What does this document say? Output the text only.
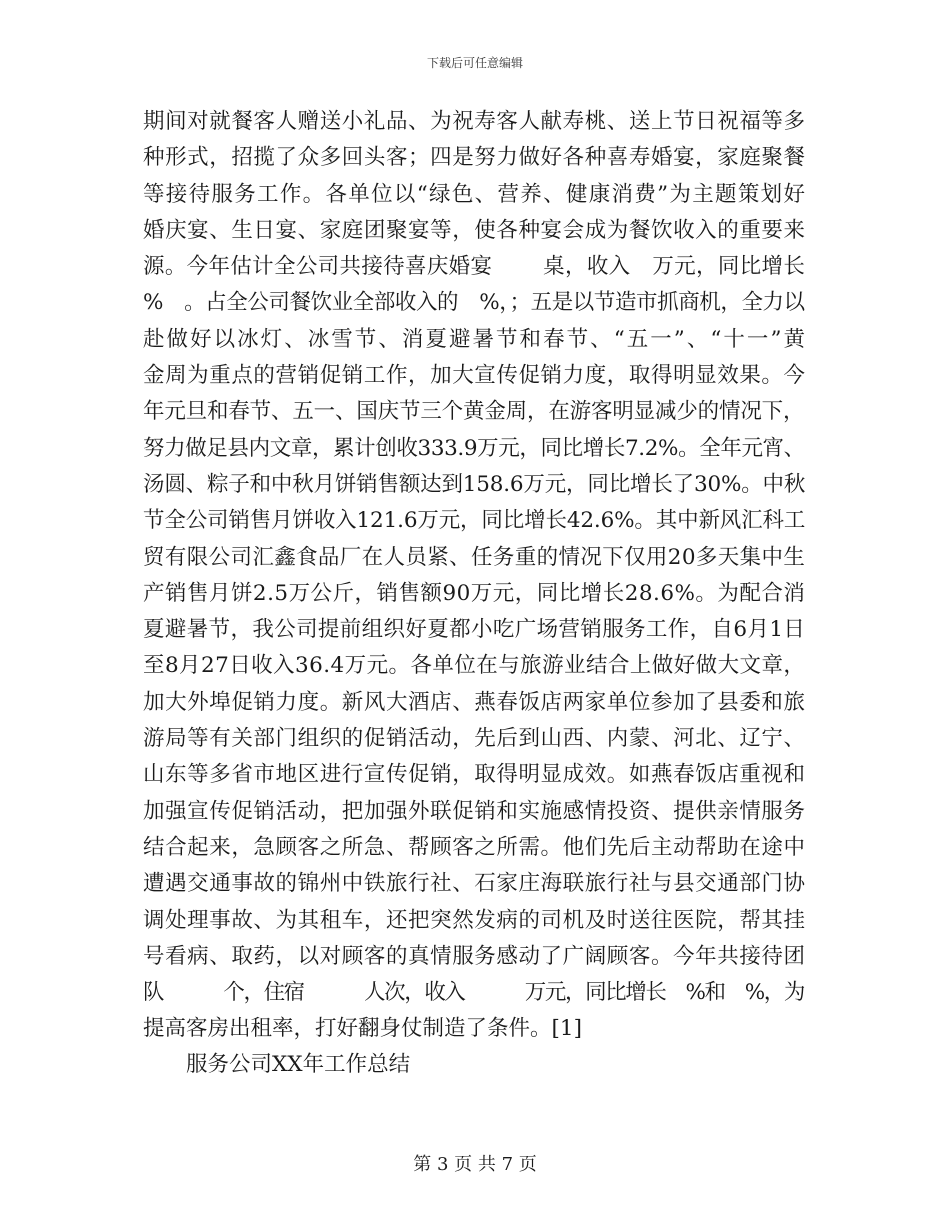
下载后可任意编辑
期间对就餐客人赠送小礼品、为祝寿客人献寿桃、送上节日祝福等多
种形式，招揽了众多回头客；四是努力做好各种喜寿婚宴，家庭聚餐
等接待服务工作。各单位以“绿色、营养、健康消费”为主题策划好
婚庆宴、生日宴、家庭团聚宴等，使各种宴会成为餐饮收入的重要来
源。今年估计全公司共接待喜庆婚宴　　 桌，收入　万元，同比增长
%　。占全公司餐饮业全部收入的　%，；五是以节造市抓商机，全力以
赴做好以冰灯、冰雪节、消夏避暑节和春节、“五一”、“十一”黄
金周为重点的营销促销工作，加大宣传促销力度，取得明显效果。今
年元旦和春节、五一、国庆节三个黄金周，在游客明显减少的情况下，
努力做足县内文章，累计创收333.9万元，同比增长7.2%。全年元宵、
汤圆、粽子和中秋月饼销售额达到158.6万元，同比增长了30%。中秋
节全公司销售月饼收入121.6万元，同比增长42.6%。其中新风汇科工
贸有限公司汇鑫食品厂在人员紧、任务重的情况下仅用20多天集中生
产销售月饼2.5万公斤，销售额90万元，同比增长28.6%。为配合消
夏避暑节，我公司提前组织好夏都小吃广场营销服务工作，自6月1日
至8月27日收入36.4万元。各单位在与旅游业结合上做好做大文章，
加大外埠促销力度。新风大酒店、燕春饭店两家单位参加了县委和旅
游局等有关部门组织的促销活动，先后到山西、内蒙、河北、辽宁、
山东等多省市地区进行宣传促销，取得明显成效。如燕春饭店重视和
加强宣传促销活动，把加强外联促销和实施感情投资、提供亲情服务
结合起来，急顾客之所急、帮顾客之所需。他们先后主动帮助在途中
遭遇交通事故的锦州中铁旅行社、石家庄海联旅行社与县交通部门协
调处理事故、为其租车，还把突然发病的司机及时送往医院，帮其挂
号看病、取药，以对顾客的真情服务感动了广阔顾客。今年共接待团
队　　　个，住宿　　　人次，收入　　　万元，同比增长　%和　%，为
提高客房出租率，打好翻身仗制造了条件。[1]
服务公司XX年工作总结
第 3 页 共 7 页
